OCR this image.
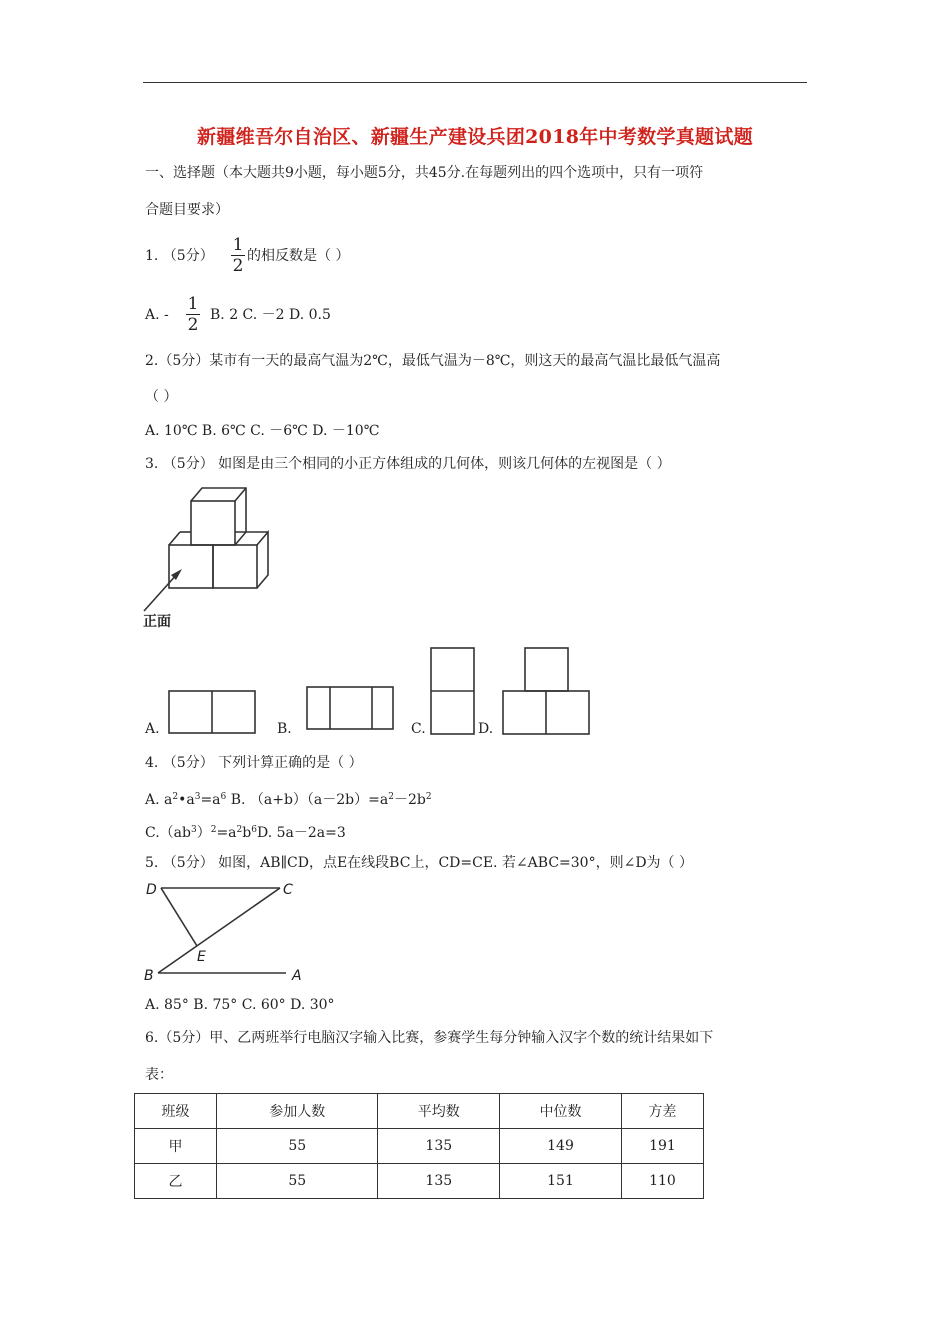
新疆维吾尔自治区、新疆生产建设兵团2018年中考数学真题试题
一、选择题（本大题共9小题，每小题5分，共45分.在每题列出的四个选项中，只有一项符
合题目要求）
1. （5分）
1
2 的相反数是（ ）
A. -
1
2 B. 2 C. －2 D. 0.5
2.（5分）某市有一天的最高气温为2℃，最低气温为－8℃，则这天的最高气温比最低气温高
（ ）
A. 10℃ B. 6℃ C. －6℃ D. －10℃
3. （5分） 如图是由三个相同的小正方体组成的几何体，则该几何体的左视图是（ ）
正面
A.	B.	C.	D.
4. （5分） 下列计算正确的是（ ）
A. $a^2•a^3=a^6$ B. $(a+b)(a-2b)=a^2-2b^2$
$C.(ab^3)^2=a^2b^6D$. 5a－2a=3
5. （5分） 如图，AB∥CD，点E在线段BC上，CD=CE. 若∠ABC=30°，则∠D为（ ）
D	C
E
B	A
A. 85° B. 75° C. 60° D. 30°
6.（5分）甲、乙两班举行电脑汉字输入比赛，参赛学生每分钟输入汉字个数的统计结果如下
表：
班级	参加人数	平均数	中位数	方差
甲	55	135	149	191
乙	55	135	151	110
